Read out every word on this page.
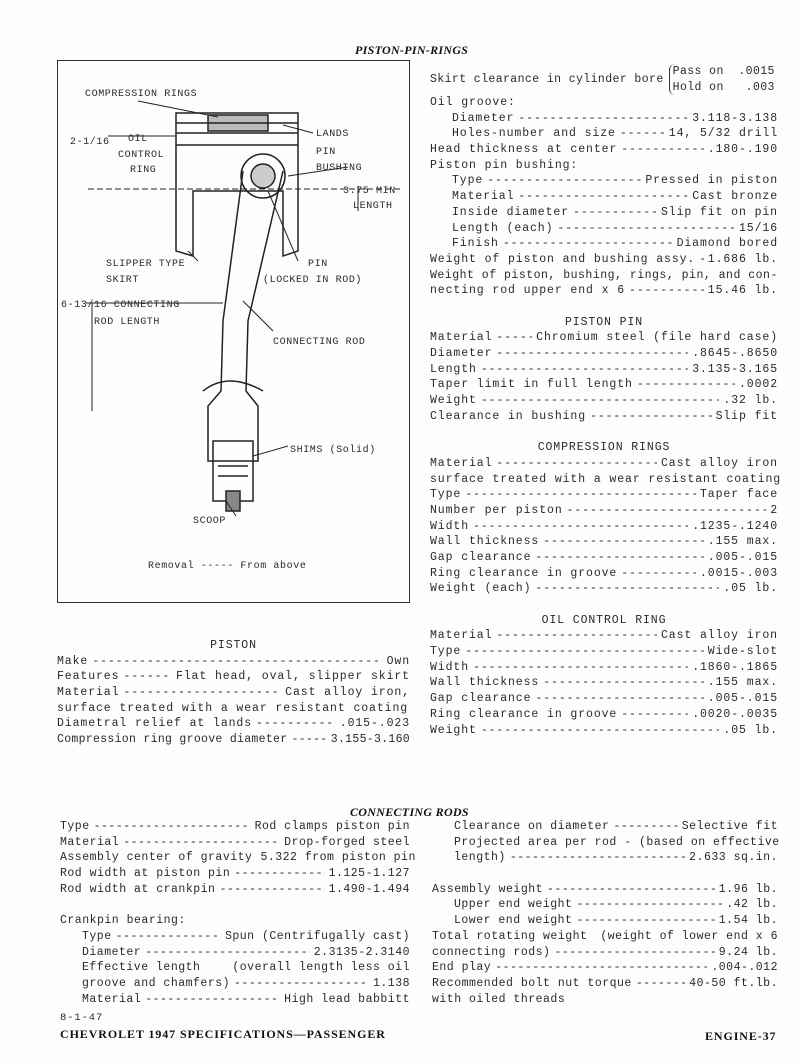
PISTON-PIN-RINGS
COMPRESSION RINGS
2-1/16 OIL
CONTROL
RING
LANDS
PIN
BUSHING
3.75 MIN
LENGTH
SLIPPER TYPE
SKIRT
PIN
(LOCKED IN ROD)
6-13/16 CONNECTING
ROD LENGTH
CONNECTING ROD
SHIMS (Solid)
SCOOP
Removal ----- From above
Skirt clearance in cylinder bore
Pass on  .0015
Hold on   .003
Oil groove:
Diameter -----	3.118-3.138
Holes-number and size -----	14, 5/32 drill
Head thickness at center -----	.180-.190
Piston pin bushing:
Type -----	Pressed in piston
Material -----	Cast bronze
Inside diameter -----	Slip fit on pin
Length (each) -----	15/16
Finish -----	Diamond bored
Weight of piston and bushing assy. ----- 1.686 lb.
Weight of piston, bushing, rings, pin, and con-
necting rod upper end x 6 -----	15.46 lb.
PISTON PIN
Material -----	Chromium steel (file hard case)
Diameter -----	.8645-.8650
Length -----	3.135-3.165
Taper limit in full length -----	.0002
Weight -----	.32 lb.
Clearance in bushing -----	Slip fit
COMPRESSION RINGS
Material -----	Cast alloy iron
surface treated with a wear resistant coating
Type -----	Taper face
Number per piston -----	2
Width -----	.1235-.1240
Wall thickness -----	.155 max.
Gap clearance -----	.005-.015
Ring clearance in groove -----	.0015-.003
Weight (each) -----	.05 lb.
OIL CONTROL RING
Material -----	Cast alloy iron
Type -----	Wide-slot
Width -----	.1860-.1865
Wall thickness -----	.155 max.
Gap clearance -----	.005-.015
Ring clearance in groove -----	.0020-.0035
Weight -----	.05 lb.
PISTON
Make -----	Own
Features -----	Flat head, oval, slipper skirt
Material -----	Cast alloy iron,
surface treated with a wear resistant coating
Diametral relief at lands -----	.015-.023
Compression ring groove diameter -----	3.155-3.160
CONNECTING RODS
Type -----	Rod clamps piston pin
Material -----	Drop-forged steel
Assembly center of gravity 5.322 from piston pin
Rod width at piston pin -----	1.125-1.127
Rod width at crankpin -----	1.490-1.494
Crankpin bearing:
Type -----	Spun (Centrifugally cast)
Diameter -----	2.3135-2.3140
Effective length	(overall length less oil
groove and chamfers) -----	1.138
Material -----	High lead babbitt
Clearance on diameter -----	Selective fit
Projected area per rod - (based on effective
length) -----	2.633 sq.in.
Assembly weight -----	1.96 lb.
Upper end weight -----	.42 lb.
Lower end weight -----	1.54 lb.
Total rotating weight (weight of lower end x 6
connecting rods) -----	9.24 lb.
End play -----	.004-.012
Recommended bolt nut torque -----	40-50 ft.lb.
with oiled threads
8-1-47
CHEVROLET 1947 SPECIFICATIONS—PASSENGER	ENGINE-37
